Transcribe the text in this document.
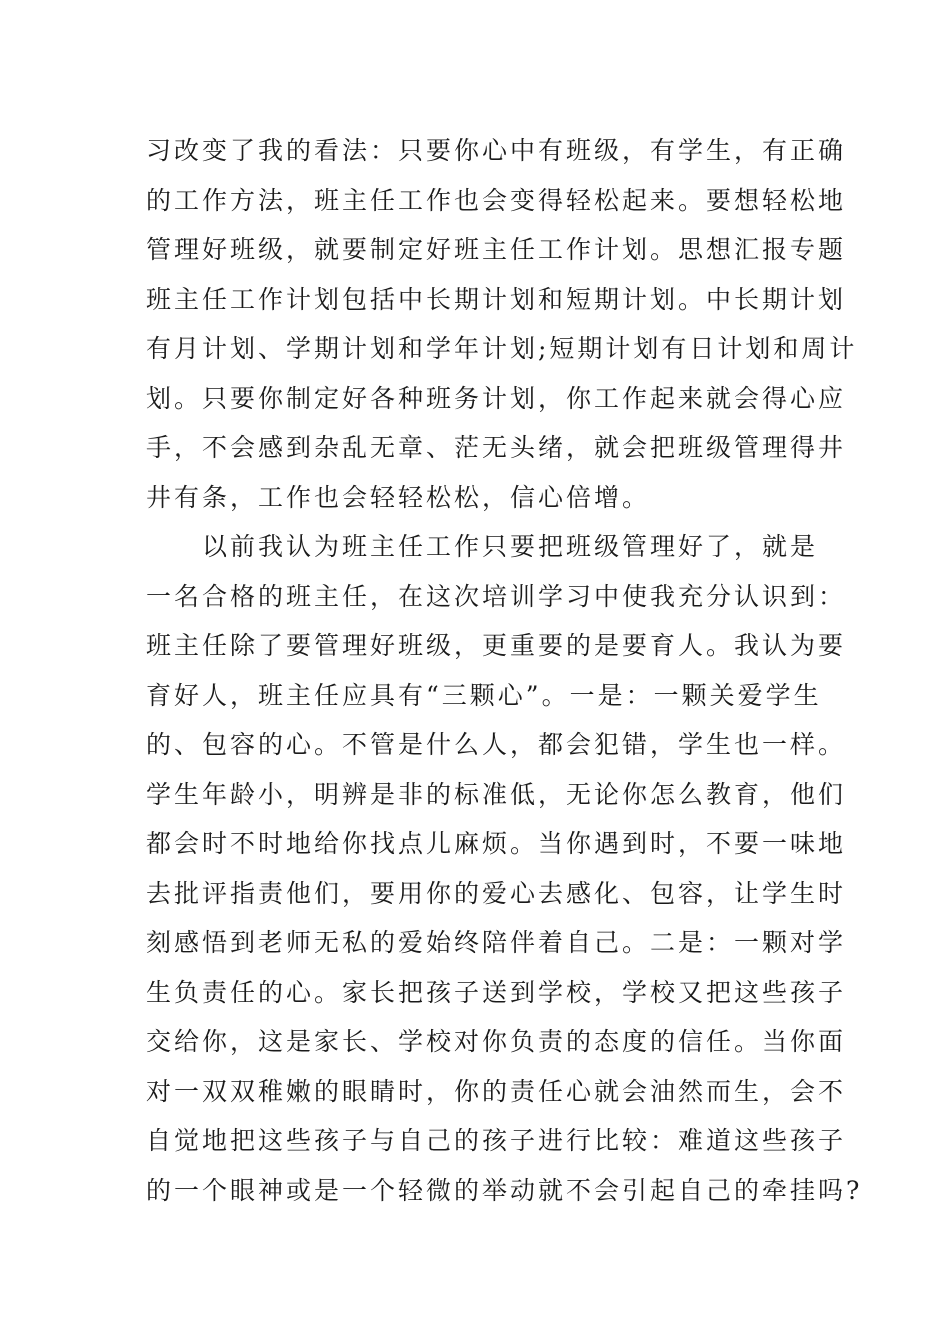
习改变了我的看法：只要你心中有班级，有学生，有正确
的工作方法，班主任工作也会变得轻松起来。要想轻松地
管理好班级，就要制定好班主任工作计划。思想汇报专题
班主任工作计划包括中长期计划和短期计划。中长期计划
有月计划、学期计划和学年计划;短期计划有日计划和周计
划。只要你制定好各种班务计划，你工作起来就会得心应
手，不会感到杂乱无章、茫无头绪，就会把班级管理得井
井有条，工作也会轻轻松松，信心倍增。
　　以前我认为班主任工作只要把班级管理好了，就是
一名合格的班主任，在这次培训学习中使我充分认识到：
班主任除了要管理好班级，更重要的是要育人。我认为要
育好人，班主任应具有“三颗心”。一是：一颗关爱学生
的、包容的心。不管是什么人，都会犯错，学生也一样。
学生年龄小，明辨是非的标准低，无论你怎么教育，他们
都会时不时地给你找点儿麻烦。当你遇到时，不要一味地
去批评指责他们，要用你的爱心去感化、包容，让学生时
刻感悟到老师无私的爱始终陪伴着自己。二是：一颗对学
生负责任的心。家长把孩子送到学校，学校又把这些孩子
交给你，这是家长、学校对你负责的态度的信任。当你面
对一双双稚嫩的眼睛时，你的责任心就会油然而生，会不
自觉地把这些孩子与自己的孩子进行比较：难道这些孩子
的一个眼神或是一个轻微的举动就不会引起自己的牵挂吗?
